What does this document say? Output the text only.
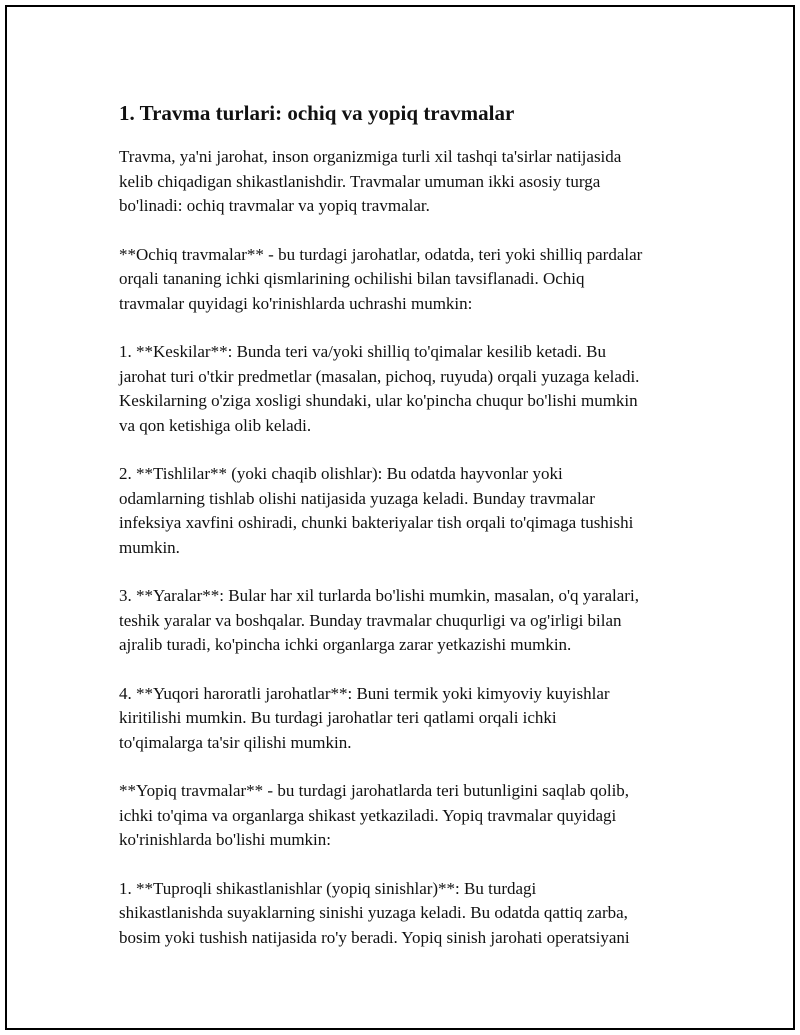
1. Travma turlari: ochiq va yopiq travmalar

Travma, ya'ni jarohat, inson organizmiga turli xil tashqi ta'sirlar natijasida
kelib chiqadigan shikastlanishdir. Travmalar umuman ikki asosiy turga
bo'linadi: ochiq travmalar va yopiq travmalar.

**Ochiq travmalar** - bu turdagi jarohatlar, odatda, teri yoki shilliq pardalar
orqali tananing ichki qismlarining ochilishi bilan tavsiflanadi. Ochiq
travmalar quyidagi ko'rinishlarda uchrashi mumkin:

1. **Keskilar**: Bunda teri va/yoki shilliq to'qimalar kesilib ketadi. Bu
jarohat turi o'tkir predmetlar (masalan, pichoq, ruyuda) orqali yuzaga keladi.
Keskilarning o'ziga xosligi shundaki, ular ko'pincha chuqur bo'lishi mumkin
va qon ketishiga olib keladi.

2. **Tishlilar** (yoki chaqib olishlar): Bu odatda hayvonlar yoki
odamlarning tishlab olishi natijasida yuzaga keladi. Bunday travmalar
infeksiya xavfini oshiradi, chunki bakteriyalar tish orqali to'qimaga tushishi
mumkin.

3. **Yaralar**: Bular har xil turlarda bo'lishi mumkin, masalan, o'q yaralari,
teshik yaralar va boshqalar. Bunday travmalar chuqurligi va og'irligi bilan
ajralib turadi, ko'pincha ichki organlarga zarar yetkazishi mumkin.

4. **Yuqori haroratli jarohatlar**: Buni termik yoki kimyoviy kuyishlar
kiritilishi mumkin. Bu turdagi jarohatlar teri qatlami orqali ichki
to'qimalarga ta'sir qilishi mumkin.

**Yopiq travmalar** - bu turdagi jarohatlarda teri butunligini saqlab qolib,
ichki to'qima va organlarga shikast yetkaziladi. Yopiq travmalar quyidagi
ko'rinishlarda bo'lishi mumkin:

1. **Tuproqli shikastlanishlar (yopiq sinishlar)**: Bu turdagi
shikastlanishda suyaklarning sinishi yuzaga keladi. Bu odatda qattiq zarba,
bosim yoki tushish natijasida ro'y beradi. Yopiq sinish jarohati operatsiyani
